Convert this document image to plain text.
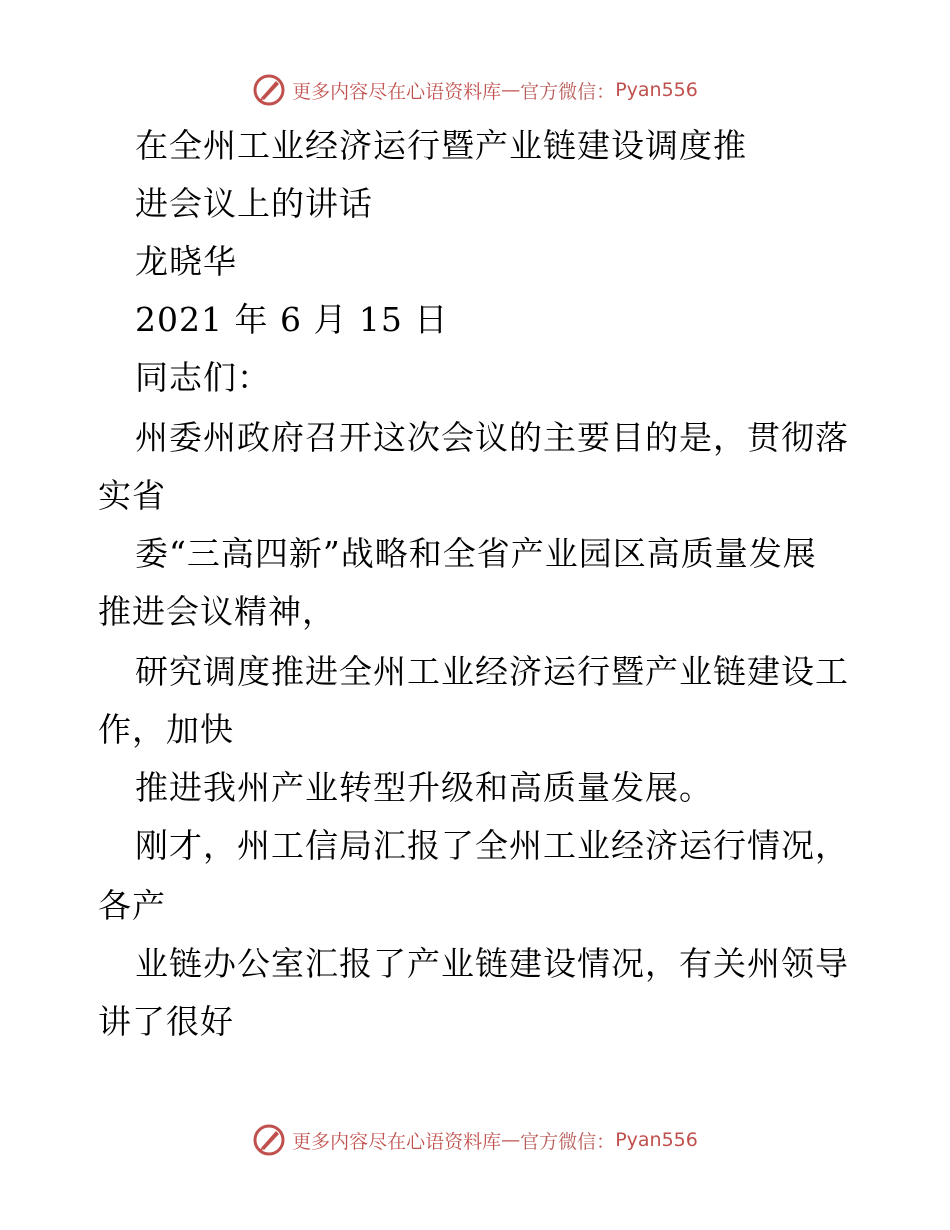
更多内容尽在心语资料库 — 官方微信： Pyan556
在全州工业经济运行暨产业链建设调度推
进会议上的讲话
龙晓华
2021 年 6 月 15 日
同志们：
州委州政府召开这次会议的主要目的是，贯彻落
实省
委“三高四新”战略和全省产业园区高质量发展
推进会议精神，
研究调度推进全州工业经济运行暨产业链建设工
作，加快
推进我州产业转型升级和高质量发展。
刚才，州工信局汇报了全州工业经济运行情况，
各产
业链办公室汇报了产业链建设情况，有关州领导
讲了很好
更多内容尽在心语资料库 — 官方微信： Pyan556
